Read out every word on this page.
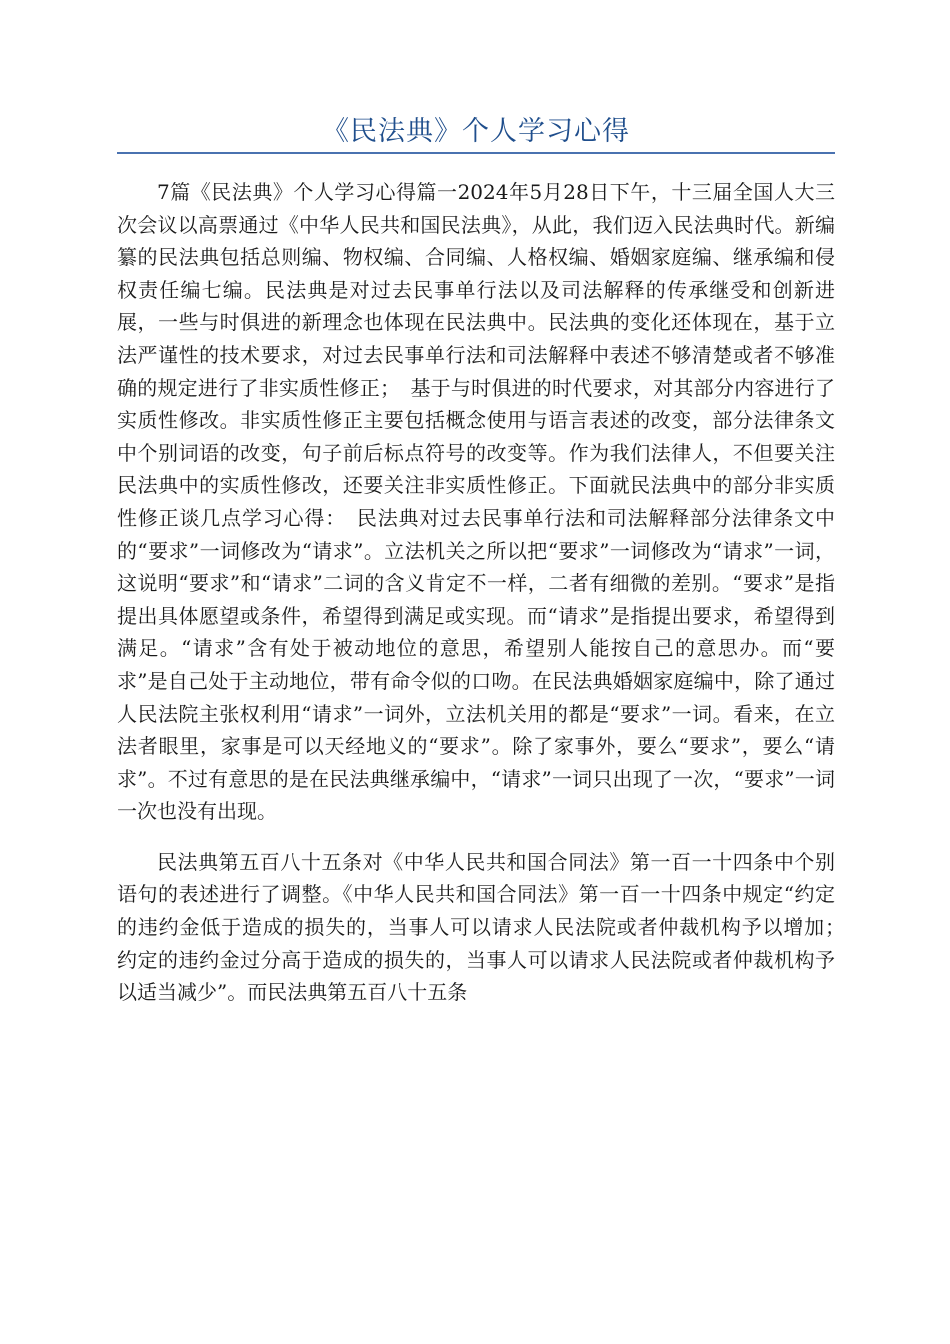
《民法典》个人学习心得

7篇《民法典》个人学习心得篇一2024年5月28日下午，十三届全国人大三次会议以高票通过《中华人民共和国民法典》，从此，我们迈入民法典时代。新编纂的民法典包括总则编、物权编、合同编、人格权编、婚姻家庭编、继承编和侵权责任编七编。民法典是对过去民事单行法以及司法解释的传承继受和创新进展，一些与时俱进的新理念也体现在民法典中。民法典的变化还体现在，基于立法严谨性的技术要求，对过去民事单行法和司法解释中表述不够清楚或者不够准确的规定进行了非实质性修正；　基于与时俱进的时代要求，对其部分内容进行了实质性修改。非实质性修正主要包括概念使用与语言表述的改变，部分法律条文中个别词语的改变，句子前后标点符号的改变等。作为我们法律人，不但要关注民法典中的实质性修改，还要关注非实质性修正。下面就民法典中的部分非实质性修正谈几点学习心得：　民法典对过去民事单行法和司法解释部分法律条文中的“要求”一词修改为“请求”。立法机关之所以把“要求”一词修改为“请求”一词，这说明“要求”和“请求”二词的含义肯定不一样，二者有细微的差别。“要求”是指提出具体愿望或条件，希望得到满足或实现。而“请求”是指提出要求，希望得到满足。“请求”含有处于被动地位的意思，希望别人能按自己的意思办。而“要求”是自己处于主动地位，带有命令似的口吻。在民法典婚姻家庭编中，除了通过人民法院主张权利用“请求”一词外，立法机关用的都是“要求”一词。看来，在立法者眼里，家事是可以天经地义的“要求”。除了家事外，要么“要求”，要么“请求”。不过有意思的是在民法典继承编中，“请求”一词只出现了一次，“要求”一词一次也没有出现。

民法典第五百八十五条对《中华人民共和国合同法》第一百一十四条中个别语句的表述进行了调整。《中华人民共和国合同法》第一百一十四条中规定“约定的违约金低于造成的损失的，当事人可以请求人民法院或者仲裁机构予以增加；　约定的违约金过分高于造成的损失的，当事人可以请求人民法院或者仲裁机构予以适当减少”。而民法典第五百八十五条
